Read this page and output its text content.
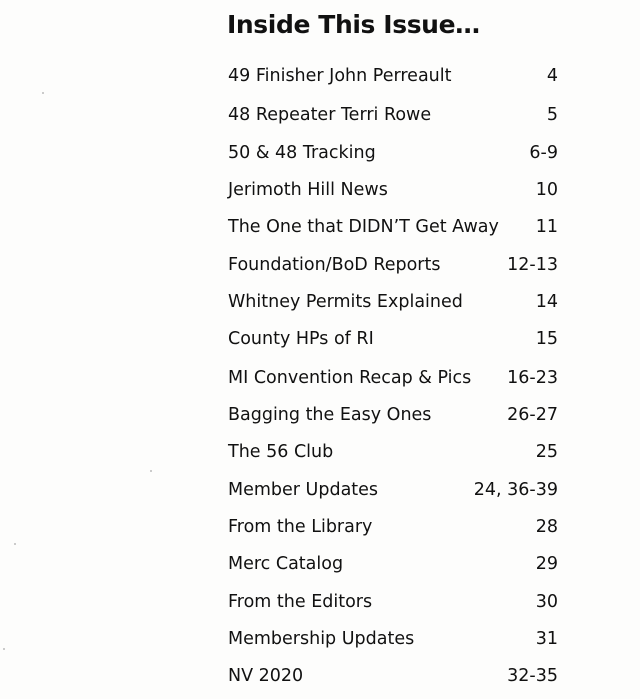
Inside This Issue…
49 Finisher John Perreault	4
48 Repeater Terri Rowe	5
50 & 48 Tracking	6-9
Jerimoth Hill News	10
The One that DIDN’T Get Away 11
Foundation/BoD Reports	12-13
Whitney Permits Explained	14
County HPs of RI	15
MI Convention Recap & Pics 16-23
Bagging the Easy Ones	26-27
The 56 Club	25
Member Updates	24, 36-39
From the Library	28
Merc Catalog	29
From the Editors	30
Membership Updates	31
NV 2020	32-35
